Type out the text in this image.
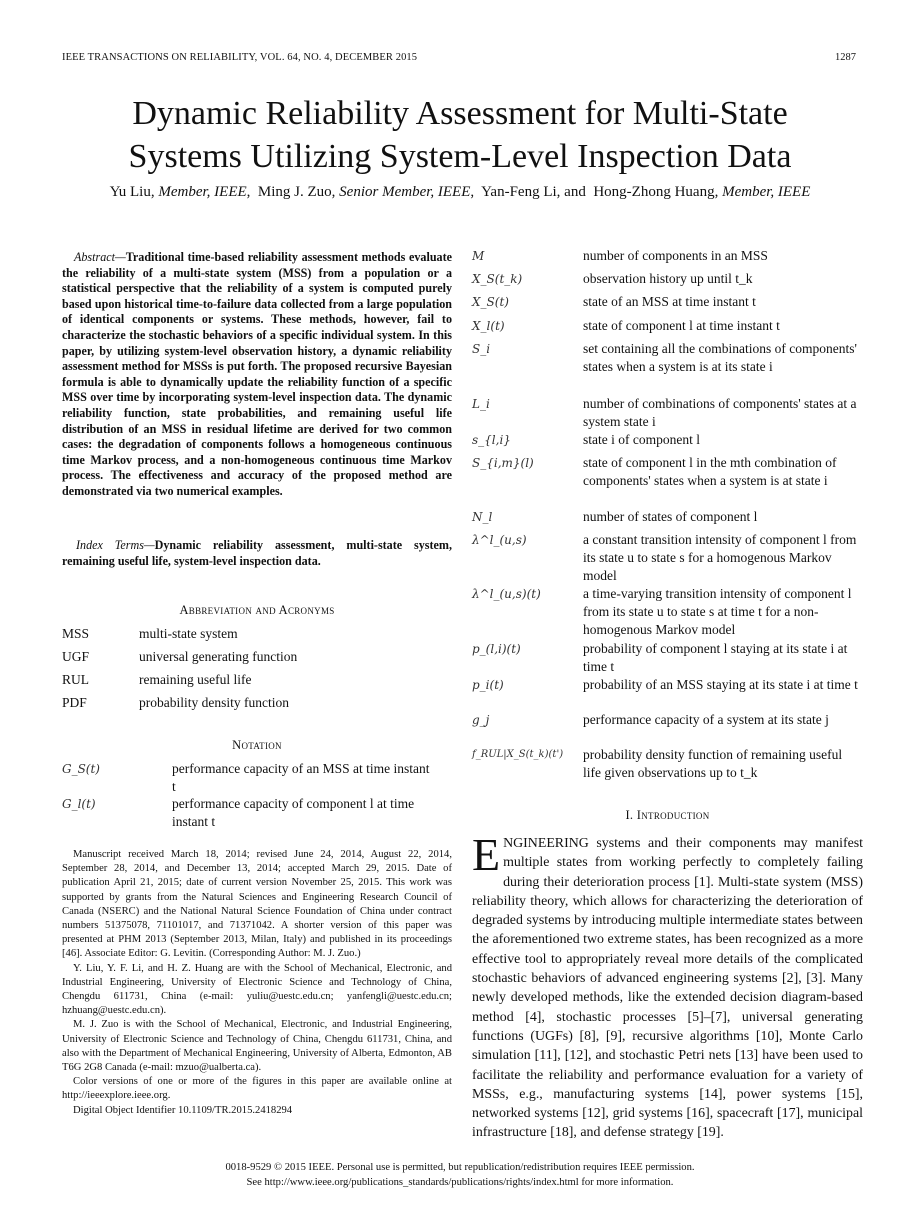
IEEE TRANSACTIONS ON RELIABILITY, VOL. 64, NO. 4, DECEMBER 2015	1287
Dynamic Reliability Assessment for Multi-State
Systems Utilizing System-Level Inspection Data
Yu Liu, Member, IEEE,  Ming J. Zuo, Senior Member, IEEE,  Yan-Feng Li, and Hong-Zhong Huang, Member, IEEE
Abstract—Traditional time-based reliability assessment methods evaluate the reliability of a multi-state system (MSS) from a population or a statistical perspective that the reliability of a system is computed purely based upon historical time-to-failure data collected from a large population of identical components or systems. These methods, however, fail to characterize the stochastic behaviors of a specific individual system. In this paper, by utilizing system-level observation history, a dynamic reliability assessment method for MSSs is put forth. The proposed recursive Bayesian formula is able to dynamically update the reliability function of a specific MSS over time by incorporating system-level inspection data. The dynamic reliability function, state probabilities, and remaining useful life distribution of an MSS in residual lifetime are derived for two common cases: the degradation of components follows a homogeneous continuous time Markov process, and a non-homogeneous continuous time Markov process. The effectiveness and accuracy of the proposed method are demonstrated via two numerical examples.
Index Terms—Dynamic reliability assessment, multi-state system, remaining useful life, system-level inspection data.
Abbreviation and Acronyms
MSS	multi-state system
UGF	universal generating function
RUL	remaining useful life
PDF	probability density function
Notation
G_S(t)	performance capacity of an MSS at time instant t
G_l(t)	performance capacity of component l at time instant t

Manuscript received March 18, 2014; revised June 24, 2014, August 22, 2014, September 28, 2014, and December 13, 2014; accepted March 29, 2015. Date of publication April 21, 2015; date of current version November 25, 2015. This work was supported by grants from the Natural Sciences and Engineering Research Council of Canada (NSERC) and the National Natural Science Foundation of China under contract numbers 51375078, 71101017, and 71371042. A shorter version of this paper was presented at PHM 2013 (September 2013, Milan, Italy) and published in its proceedings [46]. Associate Editor: G. Levitin. (Corresponding Author: M. J. Zuo.)

Y. Liu, Y. F. Li, and H. Z. Huang are with the School of Mechanical, Electronic, and Industrial Engineering, University of Electronic Science and Technology of China, Chengdu 611731, China (e-mail: yuliu@uestc.edu.cn; yanfengli@uestc.edu.cn; hzhuang@uestc.edu.cn).

M. J. Zuo is with the School of Mechanical, Electronic, and Industrial Engineering, University of Electronic Science and Technology of China, Chengdu 611731, China, and also with the Department of Mechanical Engineering, University of Alberta, Edmonton, AB T6G 2G8 Canada (e-mail: mzuo@ualberta.ca).

Color versions of one or more of the figures in this paper are available online at http://ieeexplore.ieee.org.

Digital Object Identifier 10.1109/TR.2015.2418294

M	number of components in an MSS
X_S(t_k)	observation history up until t_k
X_S(t)	state of an MSS at time instant t
X_l(t)	state of component l at time instant t
S_i	set containing all the combinations of components' states when a system is at its state i
L_i	number of combinations of components' states at a system state i
s_{l,i}	state i of component l
S_{i,m}(l)	state of component l in the mth combination of components' states when a system is at state i
N_l	number of states of component l
λ^l_(u,s)	a constant transition intensity of component l from its state u to state s for a homogenous Markov model
λ^l_(u,s)(t)	a time-varying transition intensity of component l from its state u to state s at time t for a non-homogenous Markov model
p_(l,i)(t)	probability of component l staying at its state i at time t
p_i(t)	probability of an MSS staying at its state i at time t
g_j	performance capacity of a system at its state j
f_RUL|X_S(t_k)(t') probability density function of remaining useful life given observations up to t_k
I. Introduction
ENGINEERING systems and their components may manifest multiple states from working perfectly to completely failing during their deterioration process [1]. Multi-state system (MSS) reliability theory, which allows for characterizing the deterioration of degraded systems by introducing multiple intermediate states between the aforementioned two extreme states, has been recognized as a more effective tool to appropriately reveal more details of the complicated stochastic behaviors of advanced engineering systems [2], [3]. Many newly developed methods, like the extended decision diagram-based method [4], stochastic processes [5]–[7], universal generating functions (UGFs) [8], [9], recursive algorithms [10], Monte Carlo simulation [11], [12], and stochastic Petri nets [13] have been used to facilitate the reliability and performance evaluation for a variety of MSSs, e.g., manufacturing systems [14], power systems [15], networked systems [12], grid systems [16], spacecraft [17], municipal infrastructure [18], and defense strategy [19].
0018-9529 © 2015 IEEE. Personal use is permitted, but republication/redistribution requires IEEE permission.
See http://www.ieee.org/publications_standards/publications/rights/index.html for more information.
